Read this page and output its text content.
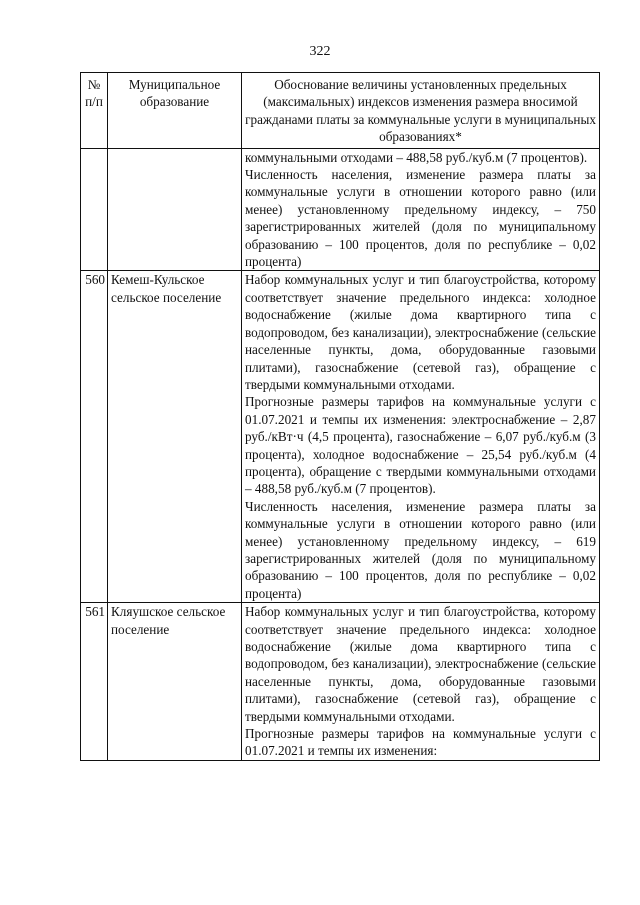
322
№ п/п	Муниципальное образование	Обоснование величины установленных предельных (максимальных) индексов изменения размера вносимой гражданами платы за коммунальные услуги в муниципальных образованиях*

		коммунальными отходами – 488,58 руб./куб.м (7 процентов).
Численность населения, изменение размера платы за коммунальные услуги в отношении которого равно (или менее) установленному предельному индексу, – 750 зарегистрированных жителей (доля по муниципальному образованию – 100 процентов, доля по республике – 0,02 процента)

560	Кемеш-Кульское сельское поселение	Набор коммунальных услуг и тип благоустройства, которому соответствует значение предельного индекса: холодное водоснабжение (жилые дома квартирного типа с водопроводом, без канализации), электроснабжение (сельские населенные пункты, дома, оборудованные газовыми плитами), газоснабжение (сетевой газ), обращение с твердыми коммунальными отходами.
Прогнозные размеры тарифов на коммунальные услуги с 01.07.2021 и темпы их изменения: электроснабжение – 2,87 руб./кВт·ч (4,5 процента), газоснабжение – 6,07 руб./куб.м (3 процента), холодное водоснабжение – 25,54 руб./куб.м (4 процента), обращение с твердыми коммунальными отходами – 488,58 руб./куб.м (7 процентов).
Численность населения, изменение размера платы за коммунальные услуги в отношении которого равно (или менее) установленному предельному индексу, – 619 зарегистрированных жителей (доля по муниципальному образованию – 100 процентов, доля по республике – 0,02 процента)

561	Кляушское сельское поселение	Набор коммунальных услуг и тип благоустройства, которому соответствует значение предельного индекса: холодное водоснабжение (жилые дома квартирного типа с водопроводом, без канализации), электроснабжение (сельские населенные пункты, дома, оборудованные газовыми плитами), газоснабжение (сетевой газ), обращение с твердыми коммунальными отходами.
Прогнозные размеры тарифов на коммунальные услуги с 01.07.2021 и темпы их изменения:
